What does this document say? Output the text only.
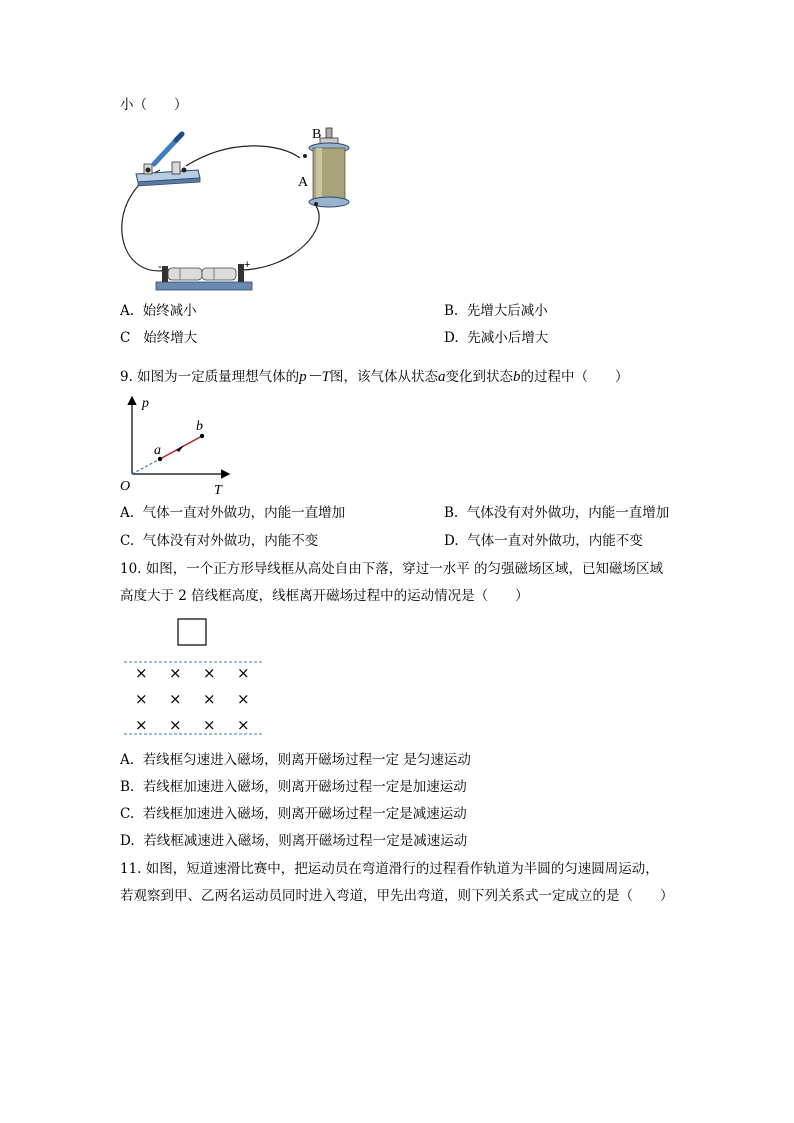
小（　　）
B
A
-	+
A. 始终减小	B. 先增大后减小
C 始终增大	D. 先减小后增大
9. 如图为一定质量理想气体的p－T图，该气体从状态a变化到状态b的过程中（　　）
p
T
O
a
b
A. 气体一直对外做功，内能一直增加	B. 气体没有对外做功，内能一直增加
C. 气体没有对外做功，内能不变	D. 气体一直对外做功，内能不变
10. 如图，一个正方形导线框从高处自由下落，穿过一水平 的匀强磁场区域，已知磁场区域
高度大于 2 倍线框高度，线框离开磁场过程中的运动情况是（　　）
× × × ×
× × × ×
× × × ×
A. 若线框匀速进入磁场，则离开磁场过程一定 是匀速运动
B. 若线框加速进入磁场，则离开磁场过程一定是加速运动
C. 若线框加速进入磁场，则离开磁场过程一定是减速运动
D. 若线框减速进入磁场，则离开磁场过程一定是减速运动
11. 如图，短道速滑比赛中，把运动员在弯道滑行的过程看作轨道为半圆的匀速圆周运动，
若观察到甲、乙两名运动员同时进入弯道，甲先出弯道，则下列关系式一定成立的是（　　）
